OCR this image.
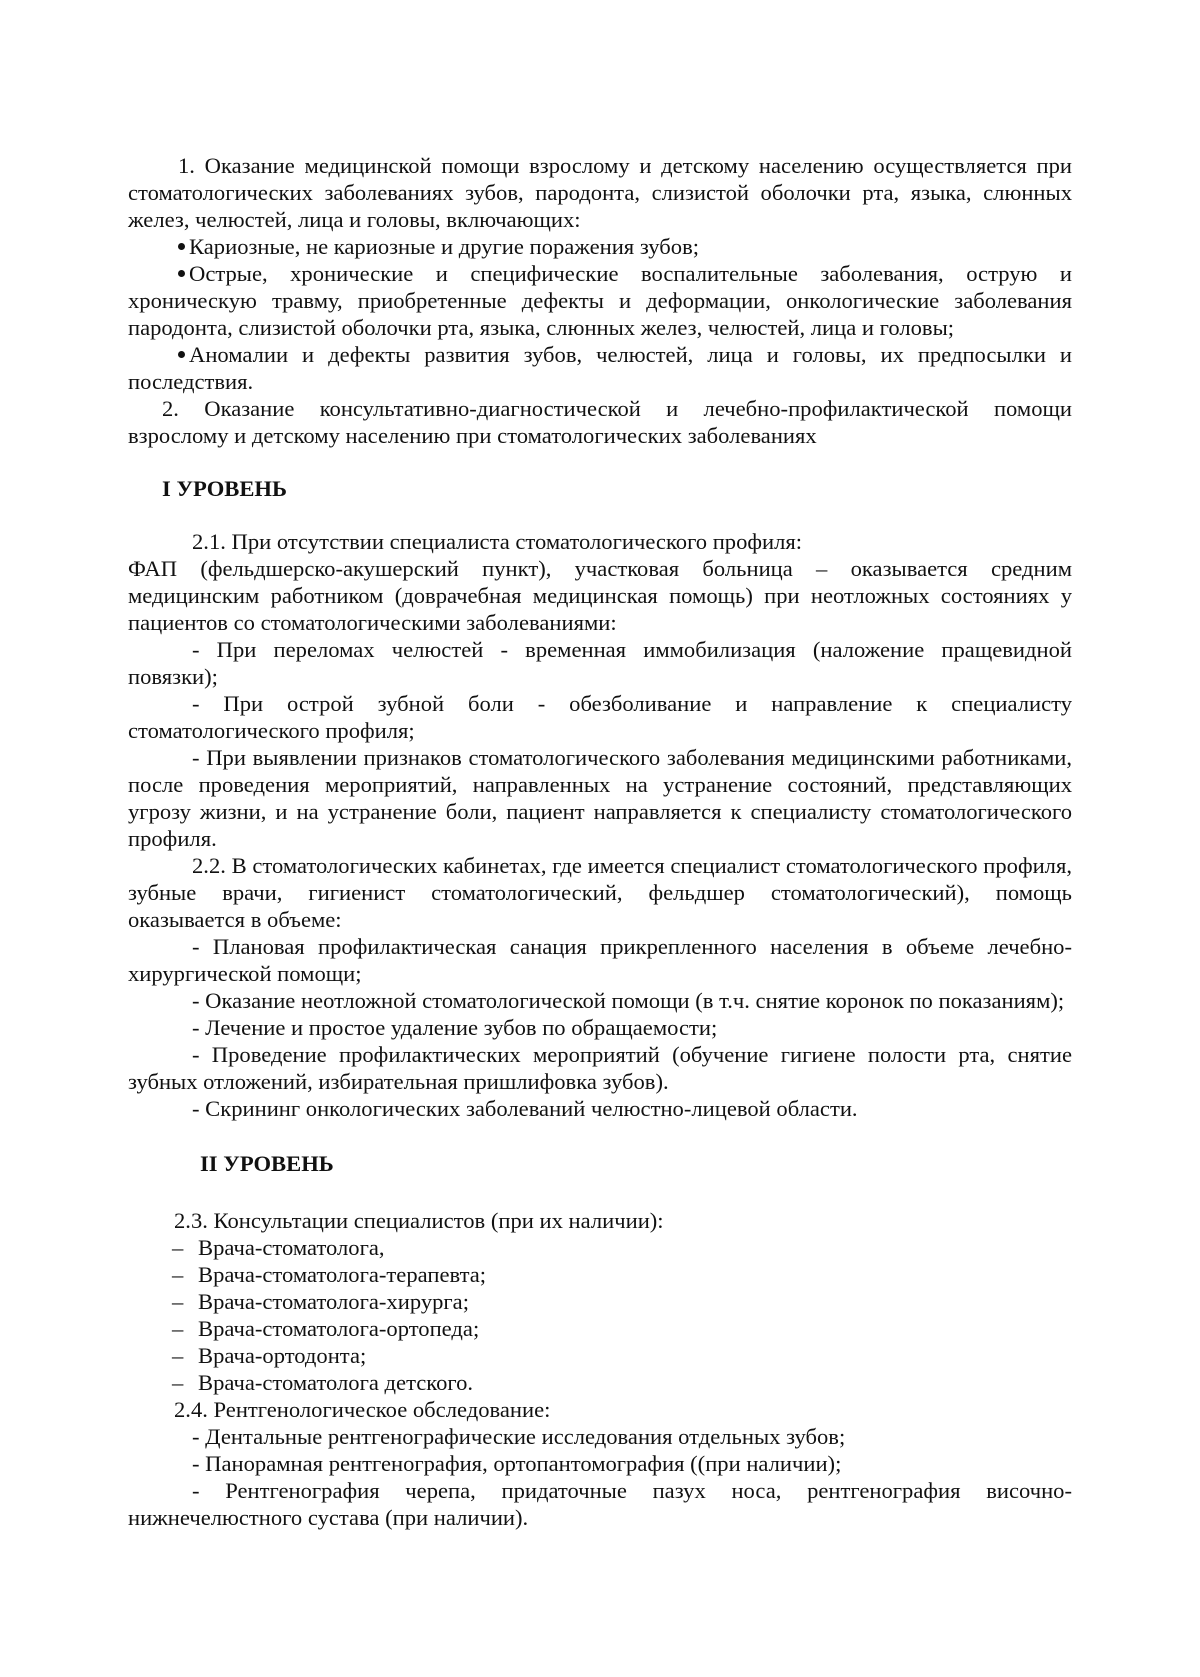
1. Оказание медицинской помощи взрослому и детскому населению осуществляется при стоматологических заболеваниях зубов, пародонта, слизистой оболочки рта, языка, слюнных желез, челюстей, лица и головы, включающих:

Кариозные, не кариозные и другие поражения зубов;

Острые, хронические и специфические воспалительные заболевания, острую и хроническую травму, приобретенные дефекты и деформации, онкологические заболевания пародонта, слизистой оболочки рта, языка, слюнных желез, челюстей, лица и головы;

Аномалии и дефекты развития зубов, челюстей, лица и головы, их предпосылки и последствия.

2. Оказание консультативно-диагностической и лечебно-профилактической помощи взрослому и детскому населению при стоматологических заболеваниях

I УРОВЕНЬ

2.1. При отсутствии специалиста стоматологического профиля:

ФАП (фельдшерско-акушерский пункт), участковая больница – оказывается средним медицинским работником (доврачебная медицинская помощь) при неотложных состояниях у пациентов со стоматологическими заболеваниями:

- При переломах челюстей - временная иммобилизация (наложение пращевидной повязки);

- При острой зубной боли - обезболивание и направление к специалисту стоматологического профиля;

- При выявлении признаков стоматологического заболевания медицинскими работниками, после проведения мероприятий, направленных на устранение состояний, представляющих угрозу жизни, и на устранение боли, пациент направляется к специалисту стоматологического профиля.

2.2. В стоматологических кабинетах, где имеется специалист стоматологического профиля, зубные врачи, гигиенист стоматологический, фельдшер стоматологический), помощь оказывается в объеме:

- Плановая профилактическая санация прикрепленного населения в объеме лечебно-хирургической помощи;

- Оказание неотложной стоматологической помощи (в т.ч. снятие коронок по показаниям);

- Лечение и простое удаление зубов по обращаемости;

- Проведение профилактических мероприятий (обучение гигиене полости рта, снятие зубных отложений, избирательная пришлифовка зубов).

- Скрининг онкологических заболеваний челюстно-лицевой области.

II УРОВЕНЬ

2.3. Консультации специалистов (при их наличии):

– Врача-стоматолога,

– Врача-стоматолога-терапевта;

– Врача-стоматолога-хирурга;

– Врача-стоматолога-ортопеда;

– Врача-ортодонта;

– Врача-стоматолога детского.

2.4. Рентгенологическое обследование:

- Дентальные рентгенографические исследования отдельных зубов;

- Панорамная рентгенография, ортопантомография ((при наличии);

- Рентгенография черепа, придаточные пазух носа, рентгенография височно-нижнечелюстного сустава (при наличии).
